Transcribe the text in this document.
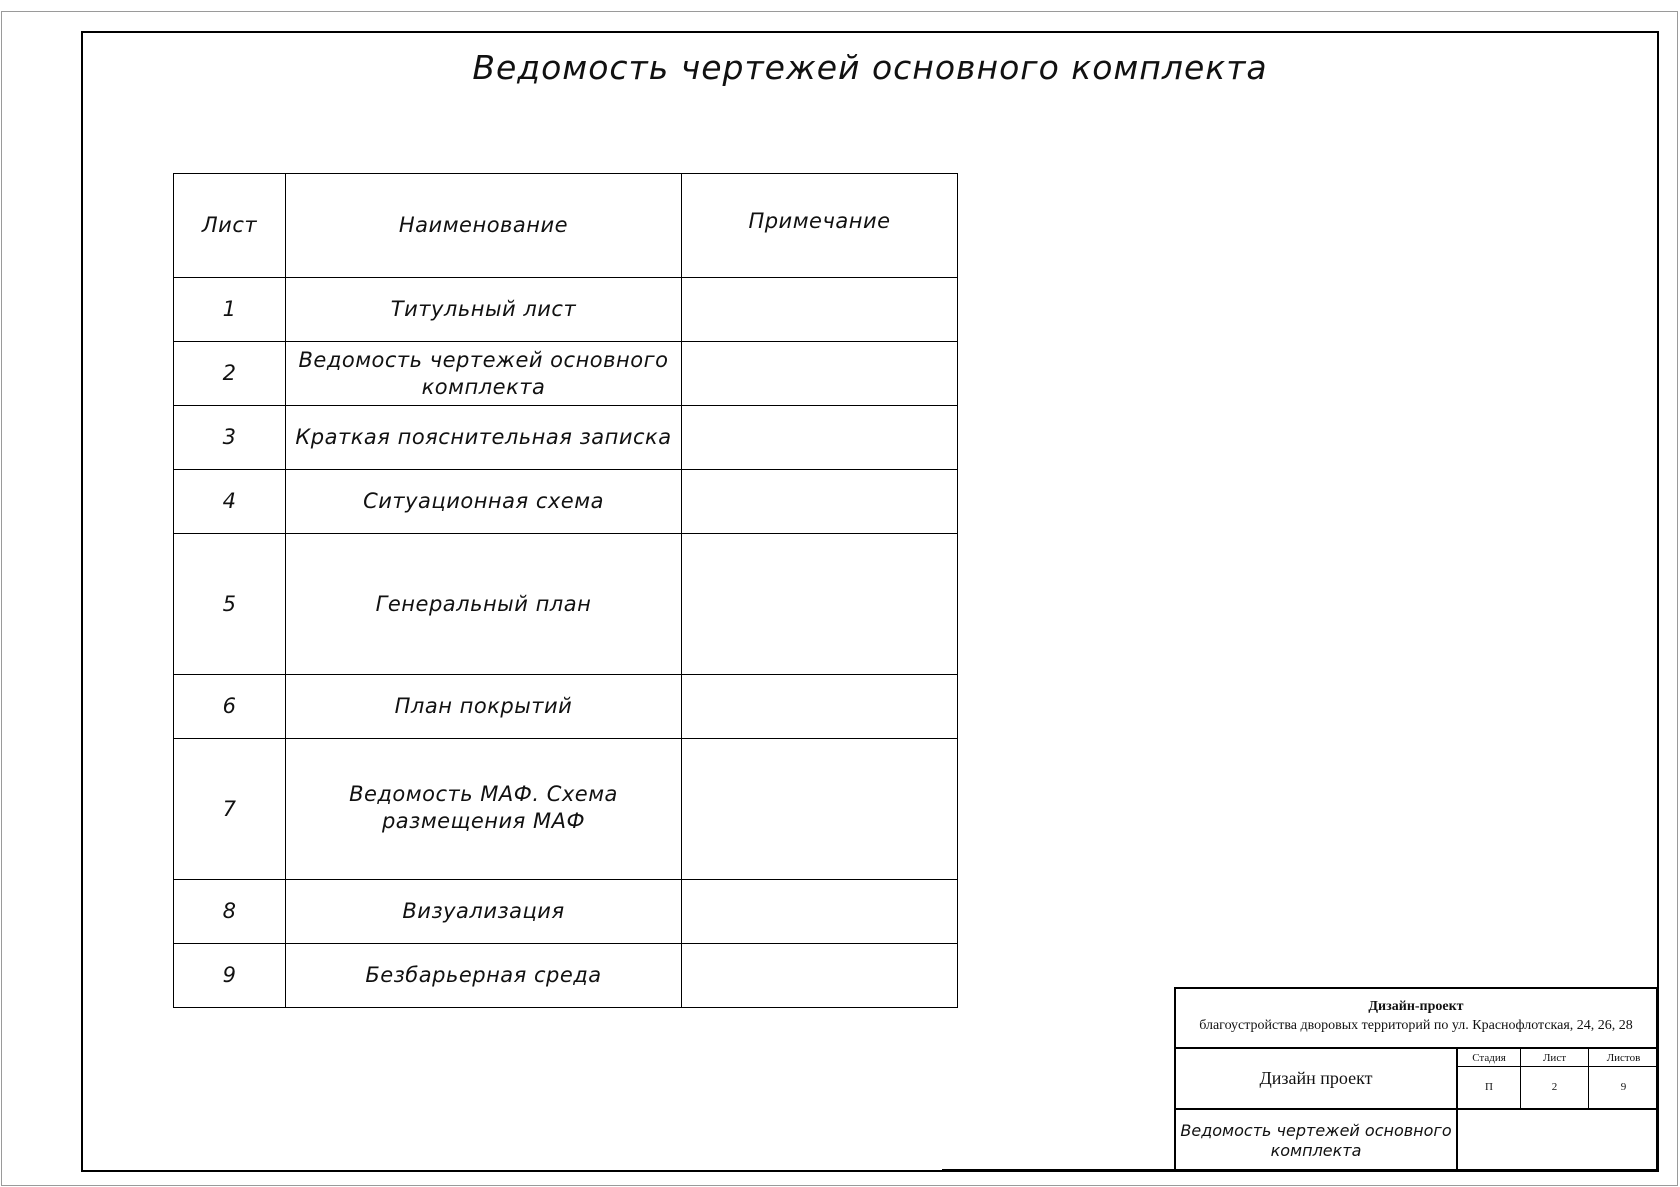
Ведомость чертежей основного комплекта
Лист	Наименование	Примечание
1	Титульный лист	
2	Ведомость чертежей основного комплекта	
3	Краткая пояснительная записка	
4	Ситуационная схема	
5	Генеральный план	
6	План покрытий	
7	Ведомость МАФ. Схема размещения МАФ	
8	Визуализация	
9	Безбарьерная среда	
Дизайн-проект
благоустройства дворовых территорий по ул. Краснофлотская, 24, 26, 28
Дизайн проект
Стадия	Лист	Листов
П	2	9
Ведомость чертежей основного комплекта
